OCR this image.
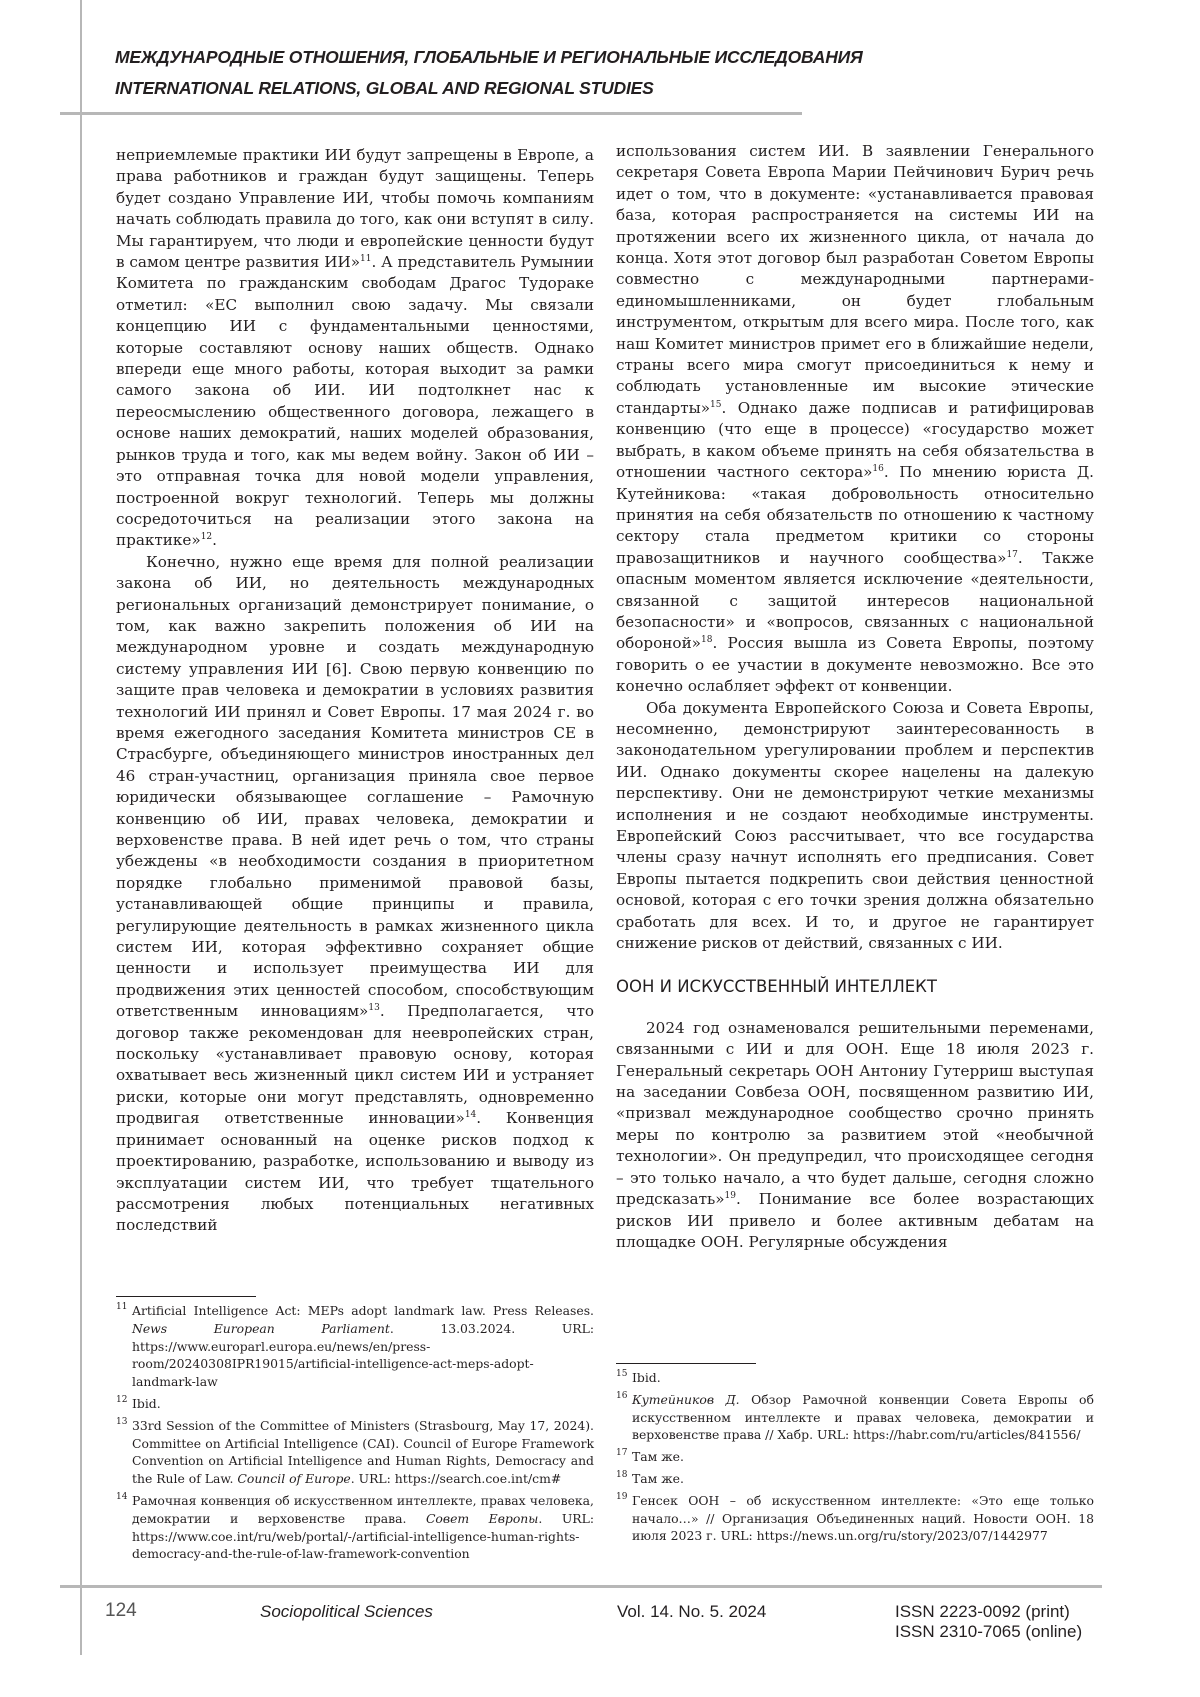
МЕЖДУНАРОДНЫЕ ОТНОШЕНИЯ, ГЛОБАЛЬНЫЕ И РЕГИОНАЛЬНЫЕ ИССЛЕДОВАНИЯ
INTERNATIONAL RELATIONS, GLOBAL AND REGIONAL STUDIES

неприемлемые практики ИИ будут запрещены в Европе, а права работников и граждан будут защищены. Теперь будет создано Управление ИИ, чтобы помочь компаниям начать соблюдать правила до того, как они вступят в силу. Мы гарантируем, что люди и европейские ценности будут в самом центре развития ИИ»$^{11}$. А представитель Румынии Комитета по гражданским свободам Драгос Тудораке отметил: «ЕС выполнил свою задачу. Мы связали концепцию ИИ с фундаментальными ценностями, которые составляют основу наших обществ. Однако впереди еще много работы, которая выходит за рамки самого закона об ИИ. ИИ подтолкнет нас к переосмыслению общественного договора, лежащего в основе наших демократий, наших моделей образования, рынков труда и того, как мы ведем войну. Закон об ИИ – это отправная точка для новой модели управления, построенной вокруг технологий. Теперь мы должны сосредоточиться на реализации этого закона на практике»$^{12}$.

Конечно, нужно еще время для полной реализации закона об ИИ, но деятельность международных региональных организаций демонстрирует понимание, о том, как важно закрепить положения об ИИ на международном уровне и создать международную систему управления ИИ [6]. Свою первую конвенцию по защите прав человека и демократии в условиях развития технологий ИИ принял и Совет Европы. 17 мая 2024 г. во время ежегодного заседания Комитета министров СЕ в Страсбурге, объединяющего министров иностранных дел 46 стран-участниц, организация приняла свое первое юридически обязывающее соглашение – Рамочную конвенцию об ИИ, правах человека, демократии и верховенстве права. В ней идет речь о том, что страны убеждены «в необходимости создания в приоритетном порядке глобально применимой правовой базы, устанавливающей общие принципы и правила, регулирующие деятельность в рамках жизненного цикла систем ИИ, которая эффективно сохраняет общие ценности и использует преимущества ИИ для продвижения этих ценностей способом, способствующим ответственным инновациям»$^{13}$. Предполагается, что договор также рекомендован для неевропейских стран, поскольку «устанавливает правовую основу, которая охватывает весь жизненный цикл систем ИИ и устраняет риски, которые они могут представлять, одновременно продвигая ответственные инновации»$^{14}$. Конвенция принимает основанный на оценке рисков подход к проектированию, разработке, использованию и выводу из эксплуатации систем ИИ, что требует тщательного рассмотрения любых потенциальных негативных последствий

использования систем ИИ. В заявлении Генерального секретаря Совета Европа Марии Пейчинович Бурич речь идет о том, что в документе: «устанавливается правовая база, которая распространяется на системы ИИ на протяжении всего их жизненного цикла, от начала до конца. Хотя этот договор был разработан Советом Европы совместно с международными партнерами-единомышленниками, он будет глобальным инструментом, открытым для всего мира. После того, как наш Комитет министров примет его в ближайшие недели, страны всего мира смогут присоединиться к нему и соблюдать установленные им высокие этические стандарты»$^{15}$. Однако даже подписав и ратифицировав конвенцию (что еще в процессе) «государство может выбрать, в каком объеме принять на себя обязательства в отношении частного сектора»$^{16}$. По мнению юриста Д. Кутейникова: «такая добровольность относительно принятия на себя обязательств по отношению к частному сектору стала предметом критики со стороны правозащитников и научного сообщества»$^{17}$. Также опасным моментом является исключение «деятельности, связанной с защитой интересов национальной безопасности» и «вопросов, связанных с национальной обороной»$^{18}$. Россия вышла из Совета Европы, поэтому говорить о ее участии в документе невозможно. Все это конечно ослабляет эффект от конвенции.

Оба документа Европейского Союза и Совета Европы, несомненно, демонстрируют заинтересованность в законодательном урегулировании проблем и перспектив ИИ. Однако документы скорее нацелены на далекую перспективу. Они не демонстрируют четкие механизмы исполнения и не создают необходимые инструменты. Европейский Союз рассчитывает, что все государства члены сразу начнут исполнять его предписания. Совет Европы пытается подкрепить свои действия ценностной основой, которая с его точки зрения должна обязательно сработать для всех. И то, и другое не гарантирует снижение рисков от действий, связанных с ИИ.

ООН И ИСКУССТВЕННЫЙ ИНТЕЛЛЕКТ

2024 год ознаменовался решительными переменами, связанными с ИИ и для ООН. Еще 18 июля 2023 г. Генеральный секретарь ООН Антониу Гутерриш выступая на заседании Совбеза ООН, посвященном развитию ИИ, «призвал международное сообщество срочно принять меры по контролю за развитием этой «необычной технологии». Он предупредил, что происходящее сегодня – это только начало, а что будет дальше, сегодня сложно предсказать»$^{19}$. Понимание все более возрастающих рисков ИИ привело и более активным дебатам на площадке ООН. Регулярные обсуждения

11 Artificial Intelligence Act: MEPs adopt landmark law. Press Releases. News European Parliament. 13.03.2024. URL: https://www.europarl.europa.eu/news/en/press-room/20240308IPR19015/artificial-intelligence-act-meps-adopt-landmark-law
12 Ibid.
13 33rd Session of the Committee of Ministers (Strasbourg, May 17, 2024). Committee on Artificial Intelligence (CAI). Council of Europe Framework Convention on Artificial Intelligence and Human Rights, Democracy and the Rule of Law. Council of Europe. URL: https://search.coe.int/cm#
14 Рамочная конвенция об искусственном интеллекте, правах человека, демократии и верховенстве права. Совет Европы. URL: https://www.coe.int/ru/web/portal/-/artificial-intelligence-human-rights-democracy-and-the-rule-of-law-framework-convention
15 Ibid.
16 Кутейников Д. Обзор Рамочной конвенции Совета Европы об искусственном интеллекте и правах человека, демократии и верховенстве права // Хабр. URL: https://habr.com/ru/articles/841556/
17 Там же.
18 Там же.
19 Генсек ООН – об искусственном интеллекте: «Это еще только начало…» // Организация Объединенных наций. Новости ООН. 18 июля 2023 г. URL: https://news.un.org/ru/story/2023/07/1442977
124	Sociopolitical Sciences	Vol. 14. No. 5. 2024	ISSN 2223-0092 (print)
ISSN 2310-7065 (online)
